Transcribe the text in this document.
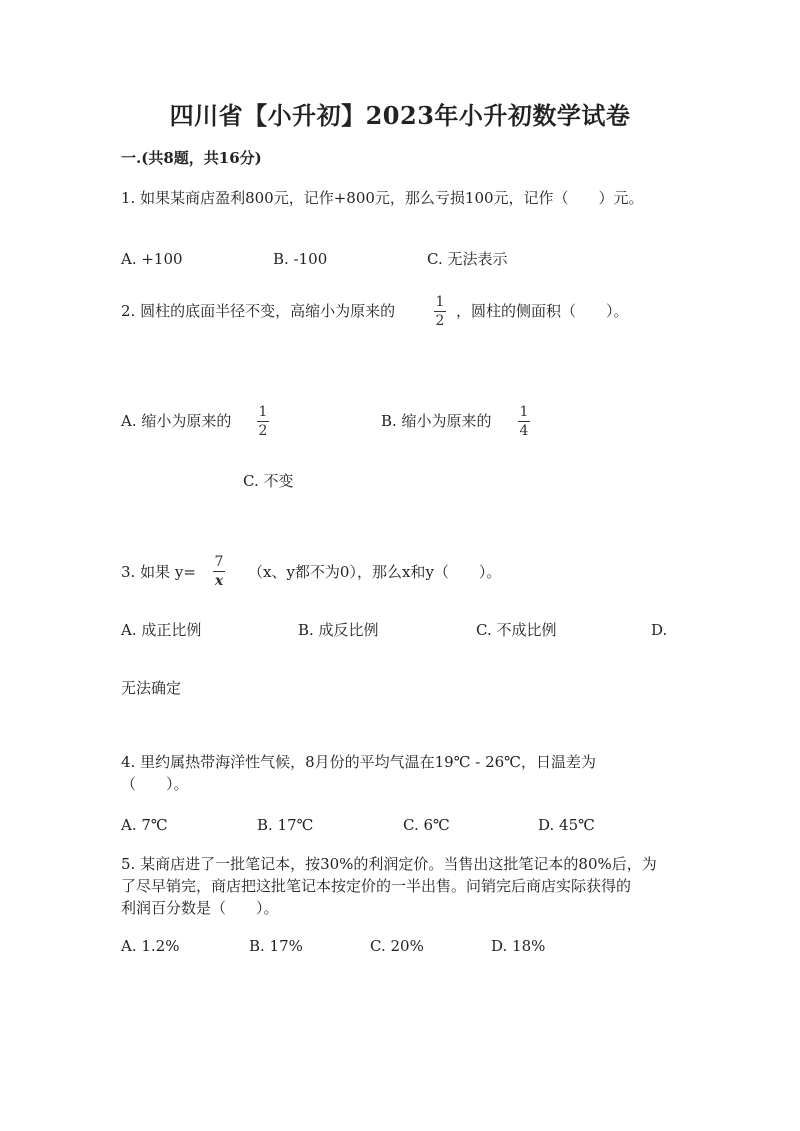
四川省【小升初】2023年小升初数学试卷
一.(共8题，共16分)
1. 如果某商店盈利800元，记作+800元，那么亏损100元，记作（　　）元。
A. +100	B. -100	C. 无法表示
2. 圆柱的底面半径不变，高缩小为原来的	1
2
，圆柱的侧面积（　　）。
A. 缩小为原来的 1
2
B. 缩小为原来的 1
4
C. 不变
3. 如果 y=
7
x （x、y都不为0），那么x和y（　　）。
A. 成正比例	B. 成反比例	C. 不成比例	D.
无法确定
4. 里约属热带海洋性气候，8月份的平均气温在19℃ - 26℃，日温差为
（　　）。
A. 7℃	B. 17℃	C. 6℃	D. 45℃
5. 某商店进了一批笔记本，按30%的利润定价。当售出这批笔记本的80%后，为
了尽早销完，商店把这批笔记本按定价的一半出售。问销完后商店实际获得的
利润百分数是（　　）。
A. 1.2%	B. 17%	C. 20%	D. 18%
